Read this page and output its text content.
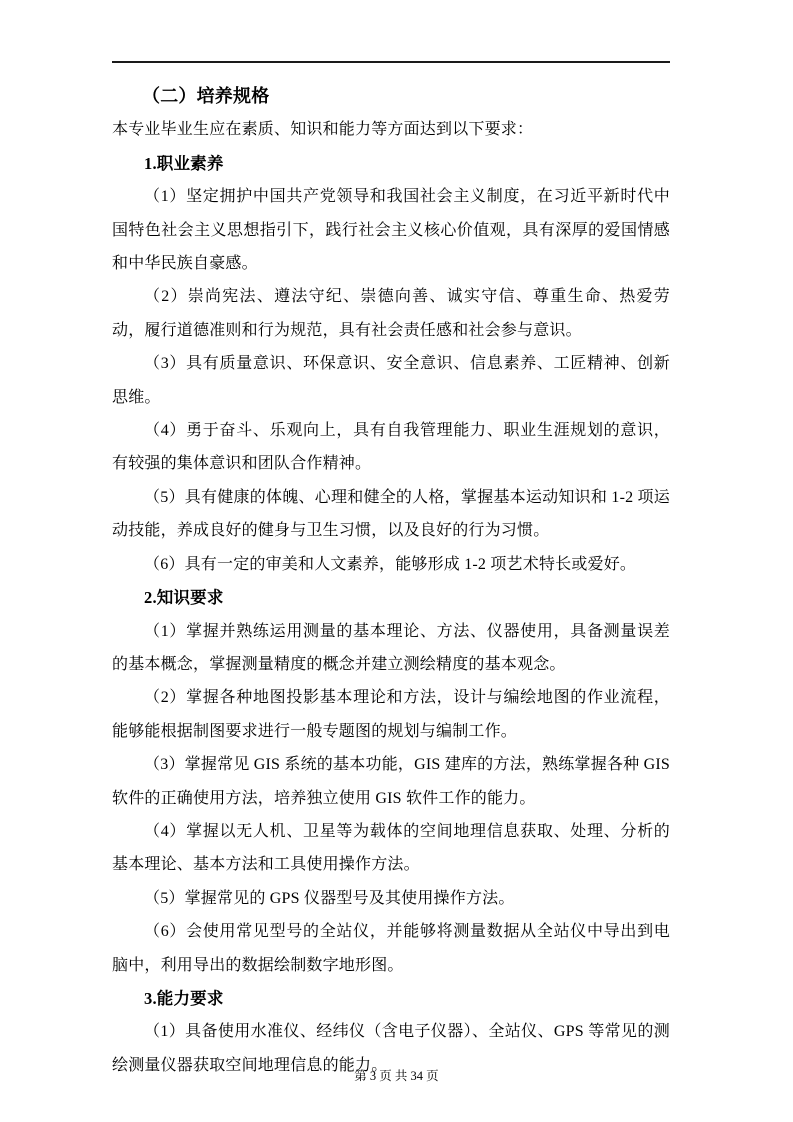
（二）培养规格

本专业毕业生应在素质、知识和能力等方面达到以下要求：

1.职业素养

（1）坚定拥护中国共产党领导和我国社会主义制度，在习近平新时代中国特色社会主义思想指引下，践行社会主义核心价值观，具有深厚的爱国情感和中华民族自豪感。

（2）崇尚宪法、遵法守纪、崇德向善、诚实守信、尊重生命、热爱劳动，履行道德准则和行为规范，具有社会责任感和社会参与意识。

（3）具有质量意识、环保意识、安全意识、信息素养、工匠精神、创新思维。

（4）勇于奋斗、乐观向上，具有自我管理能力、职业生涯规划的意识，有较强的集体意识和团队合作精神。

（5）具有健康的体魄、心理和健全的人格，掌握基本运动知识和 1-2 项运动技能，养成良好的健身与卫生习惯，以及良好的行为习惯。

（6）具有一定的审美和人文素养，能够形成 1-2 项艺术特长或爱好。

2.知识要求

（1）掌握并熟练运用测量的基本理论、方法、仪器使用，具备测量误差的基本概念，掌握测量精度的概念并建立测绘精度的基本观念。

（2）掌握各种地图投影基本理论和方法，设计与编绘地图的作业流程，能够能根据制图要求进行一般专题图的规划与编制工作。

（3）掌握常见 GIS 系统的基本功能，GIS 建库的方法，熟练掌握各种 GIS 软件的正确使用方法，培养独立使用 GIS 软件工作的能力。

（4）掌握以无人机、卫星等为载体的空间地理信息获取、处理、分析的基本理论、基本方法和工具使用操作方法。

（5）掌握常见的 GPS 仪器型号及其使用操作方法。

（6）会使用常见型号的全站仪，并能够将测量数据从全站仪中导出到电脑中，利用导出的数据绘制数字地形图。

3.能力要求

（1）具备使用水准仪、经纬仪（含电子仪器）、全站仪、GPS 等常见的测绘测量仪器获取空间地理信息的能力。

第 3 页 共 34 页
